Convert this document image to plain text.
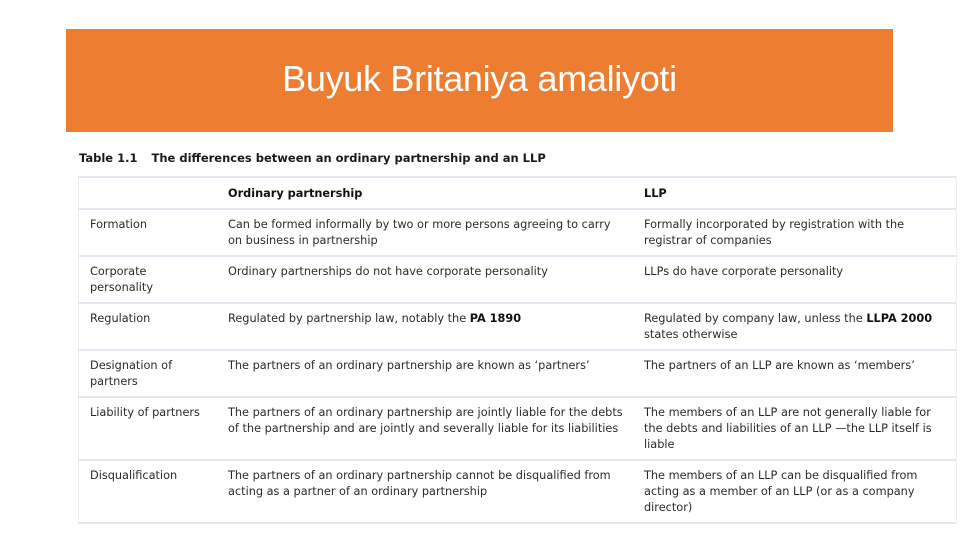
Buyuk Britaniya amaliyoti
Table 1.1 The differences between an ordinary partnership and an LLP
	Ordinary partnership	LLP
Formation	Can be formed informally by two or more persons agreeing to carry on business in partnership	Formally incorporated by registration with the registrar of companies
Corporate personality	Ordinary partnerships do not have corporate personality	LLPs do have corporate personality
Regulation	Regulated by partnership law, notably the PA 1890	Regulated by company law, unless the LLPA 2000 states otherwise
Designation of partners	The partners of an ordinary partnership are known as ‘partners’	The partners of an LLP are known as ‘members’
Liability of partners	The partners of an ordinary partnership are jointly liable for the debts of the partnership and are jointly and severally liable for its liabilities	The members of an LLP are not generally liable for the debts and liabilities of an LLP —the LLP itself is liable
Disqualification	The partners of an ordinary partnership cannot be disqualified from acting as a partner of an ordinary partnership	The members of an LLP can be disqualified from acting as a member of an LLP (or as a company director)
